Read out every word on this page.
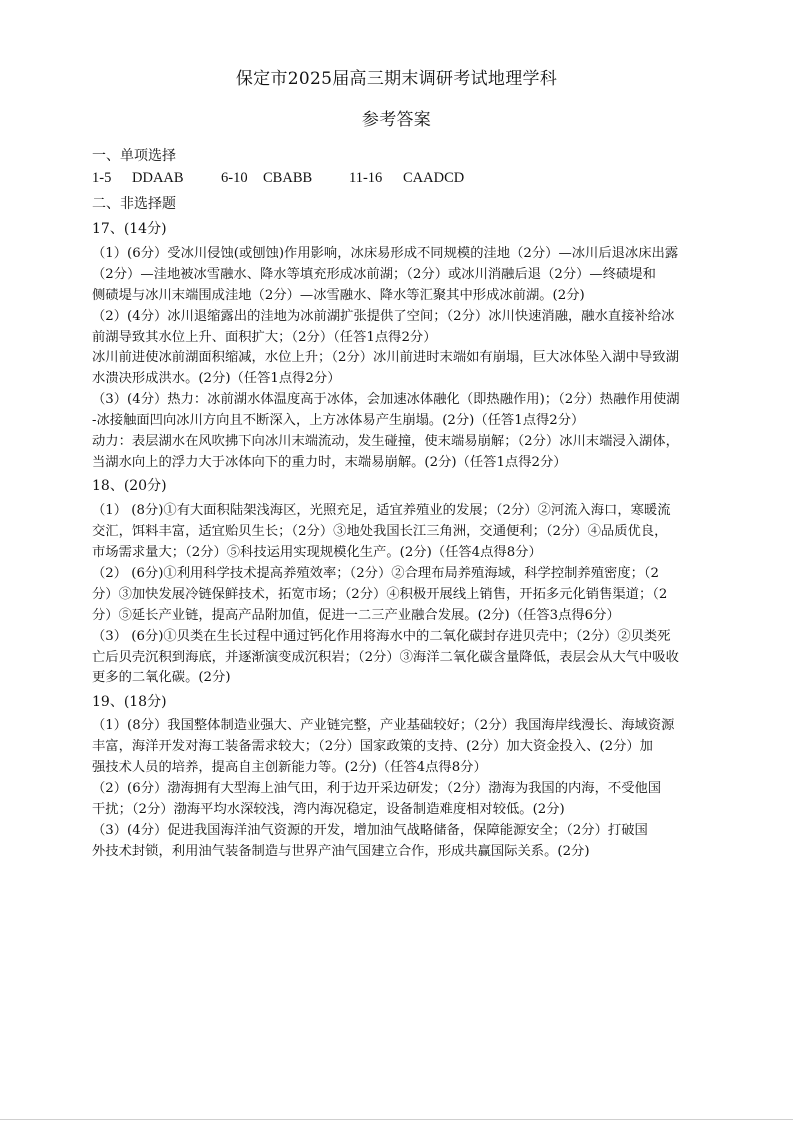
保定市2025届高三期末调研考试地理学科
参考答案
一、单项选择
1-5 DDAAB	6-10 CBABB	11-16 CAADCD
二、非选择题
17、(14分)
（1）(6分）受冰川侵蚀(或刨蚀)作用影响，冰床易形成不同规模的洼地（2分）—冰川后退冰床出露
（2分）—洼地被冰雪融水、降水等填充形成冰前湖；（2分）或冰川消融后退（2分）—终碛堤和
侧碛堤与冰川末端围成洼地（2分）—冰雪融水、降水等汇聚其中形成冰前湖。(2分)
（2）(4分）冰川退缩露出的洼地为冰前湖扩张提供了空间；（2分）冰川快速消融，融水直接补给冰
前湖导致其水位上升、面积扩大；（2分）（任答1点得2分）
冰川前进使冰前湖面积缩减，水位上升；（2分）冰川前进时末端如有崩塌，巨大冰体坠入湖中导致湖
水溃决形成洪水。(2分)（任答1点得2分）
（3）(4分）热力：冰前湖水体温度高于冰体，会加速冰体融化（即热融作用)；（2分）热融作用使湖
-冰接触面凹向冰川方向且不断深入，上方冰体易产生崩塌。(2分)（任答1点得2分）
动力：表层湖水在风吹拂下向冰川末端流动，发生碰撞，使末端易崩解；（2分）冰川末端浸入湖体，
当湖水向上的浮力大于冰体向下的重力时，末端易崩解。(2分)（任答1点得2分）
18、(20分)
（1） (8分)①有大面积陆架浅海区，光照充足，适宜养殖业的发展；（2分）②河流入海口，寒暖流
交汇，饵料丰富，适宜贻贝生长；（2分）③地处我国长江三角洲，交通便利；（2分）④品质优良，
市场需求量大；（2分）⑤科技运用实现规模化生产。(2分)（任答4点得8分）
（2） (6分)①利用科学技术提高养殖效率；（2分）②合理布局养殖海域，科学控制养殖密度；（2
分）③加快发展冷链保鲜技术，拓宽市场；（2分）④积极开展线上销售，开拓多元化销售渠道；（2
分）⑤延长产业链，提高产品附加值，促进一二三产业融合发展。(2分)（任答3点得6分）
（3） (6分)①贝类在生长过程中通过钙化作用将海水中的二氧化碳封存进贝壳中；（2分）②贝类死
亡后贝壳沉积到海底，并逐渐演变成沉积岩；（2分）③海洋二氧化碳含量降低，表层会从大气中吸收
更多的二氧化碳。(2分)
19、(18分)
（1）(8分）我国整体制造业强大、产业链完整，产业基础较好；（2分）我国海岸线漫长、海域资源
丰富，海洋开发对海工装备需求较大；（2分）国家政策的支持、(2分）加大资金投入、(2分）加
强技术人员的培养，提高自主创新能力等。(2分)（任答4点得8分）
（2）(6分）渤海拥有大型海上油气田，利于边开采边研发；（2分）渤海为我国的内海，不受他国
干扰；（2分）渤海平均水深较浅，湾内海况稳定，设备制造难度相对较低。(2分)
（3）(4分）促进我国海洋油气资源的开发，增加油气战略储备，保障能源安全；（2分）打破国
外技术封锁，利用油气装备制造与世界产油气国建立合作，形成共赢国际关系。(2分)
